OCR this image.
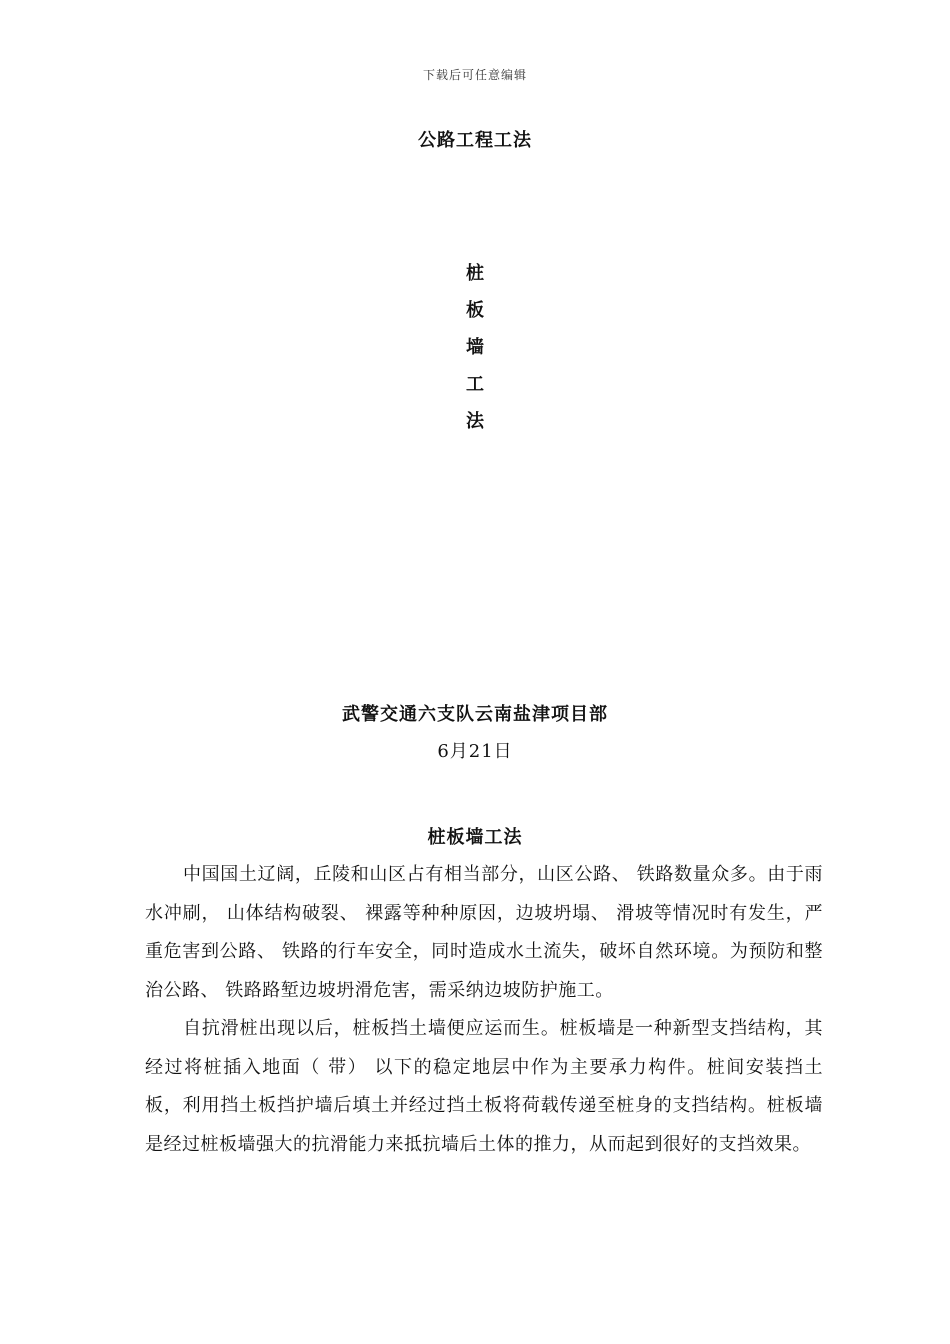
下载后可任意编辑
公路工程工法
桩
板
墙
工
法
武警交通六支队云南盐津项目部
6月21日
桩板墙工法

中国国土辽阔，丘陵和山区占有相当部分，山区公路、 铁路数量众多。由于雨水冲刷， 山体结构破裂、 裸露等种种原因，边坡坍塌、 滑坡等情况时有发生，严重危害到公路、 铁路的行车安全，同时造成水土流失，破坏自然环境。为预防和整治公路、 铁路路堑边坡坍滑危害，需采纳边坡防护施工。

自抗滑桩出现以后，桩板挡土墙便应运而生。桩板墙是一种新型支挡结构，其经过将桩插入地面（ 带） 以下的稳定地层中作为主要承力构件。桩间安装挡土板，利用挡土板挡护墙后填土并经过挡土板将荷载传递至桩身的支挡结构。桩板墙是经过桩板墙强大的抗滑能力来抵抗墙后土体的推力，从而起到很好的支挡效果。
